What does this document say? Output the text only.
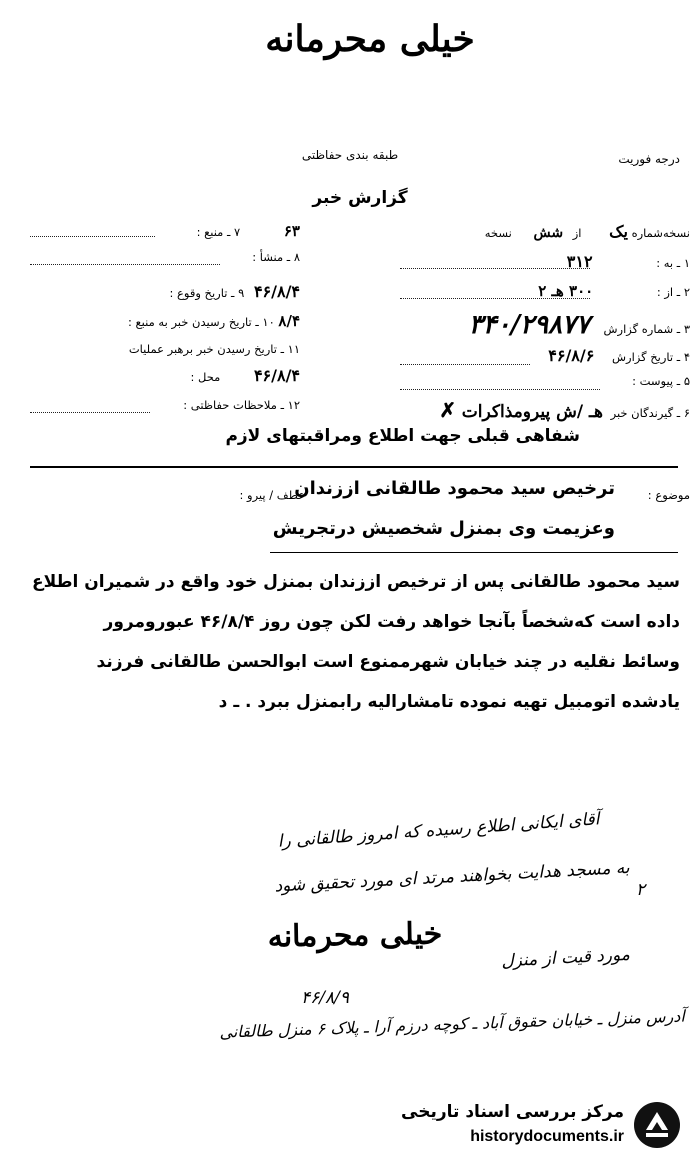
خیلی محرمانه
درجه فوریت
طبقه بندی حفاظتی
گزارش خبر
نسخه‌شماره یک از شش نسخه
۱ ـ به : ۳۱۲
۲ ـ از : ۳۰۰ هـ ۲
۳ ـ شماره گزارش ۳۴۰/۲۹۸۷۷
۴ ـ تاریخ گزارش ۴۶/۸/۶
۵ ـ پیوست :
۶ ـ گیرندگان خبر هـ /ش پیرومذاکرات ✗
۶۳ ۷ ـ منبع :
۸ ـ منشأ :
۴۶/۸/۴ ۹ ـ تاریخ وقوع :
۸/۴ ۱۰ ـ تاریخ رسیدن خبر به منبع :
۱۱ ـ تاریخ رسیدن خبر برهبر عملیات
۴۶/۸/۴ محل :
۱۲ ـ ملاحظات حفاظتی :
شفاهی قبلی جهت اطلاع ومراقبتهای لازم
موضوع :
ترخیص سید محمود طالقانی اززندان
عطف / پیرو :
وعزیمت وی بمنزل شخصیش درتجریش
سید محمود طالقانی پس از ترخیص اززندان بمنزل خود واقع در شمیران اطلاع
داده است کەشخصاً بآنجا خواهد رفت لکن چون روز ۴۶/۸/۴ عبورومرور
وسائط نقلیه در چند خیابان شهرممنوع است ابوالحسن طالقانی فرزند
یادشده اتومبیل تهیه نموده تامشارالیه رابمنزل ببرد . ـ د
آقای ایکانی اطلاع رسیده که امروز طالقانی را
به مسجد هدایت بخواهند مرتد ای مورد تحقیق شود ۲
خیلی محرمانه
مورد قیت از منزل
۴۶/۸/۹
آدرس منزل ـ خیابان حقوق آباد ـ کوچه درزم آرا ـ پلاک ۶ منزل طالقانی
مرکز بررسی اسناد تاریخی
historydocuments.ir
